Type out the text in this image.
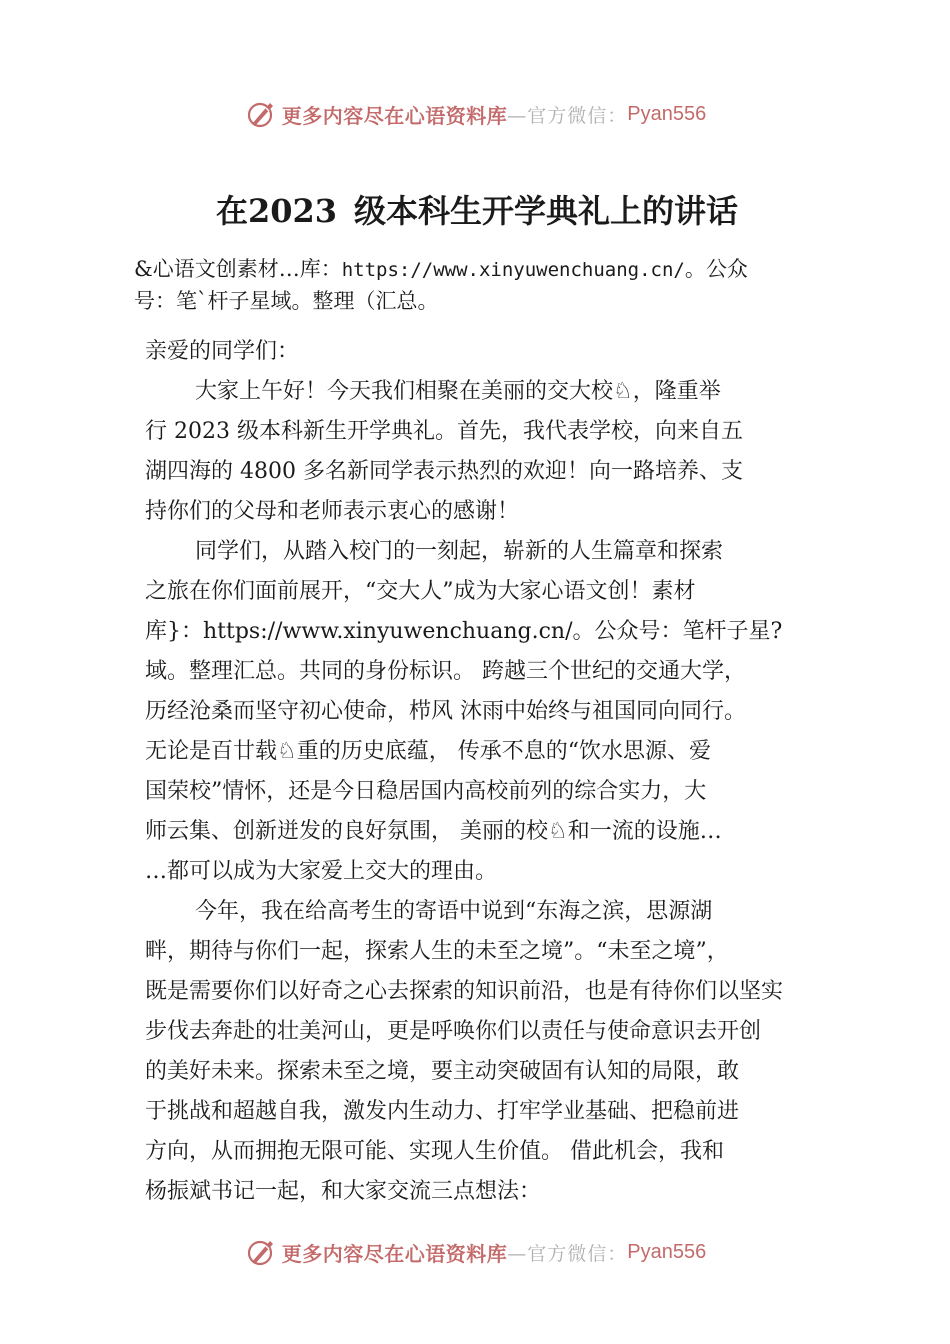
更多内容尽在心语资料库 —官方微信： Pyan556
在2023 级本科生开学典礼上的讲话
&心语文创素材…库：https://www.xinyuwenchuang.cn/。公众
号：笔`杆子星域。整理（汇总。
亲爱的同学们：
大家上午好！今天我们相聚在美丽的交大校♘，隆重举
行 2023 级本科新生开学典礼。首先，我代表学校，向来自五
湖四海的 4800 多名新同学表示热烈的欢迎！向一路培养、支
持你们的父母和老师表示衷心的感谢！
同学们，从踏入校门的一刻起，崭新的人生篇章和探索
之旅在你们面前展开，“交大人”成为大家心语文创！素材
库}：https://www.xinyuwenchuang.cn/。公众号：笔杆子星?
域。整理汇总。共同的身份标识。 跨越三个世纪的交通大学，
历经沧桑而坚守初心使命，栉风 沐雨中始终与祖国同向同行。
无论是百廿载♘重的历史底蕴， 传承不息的“饮水思源、爱
国荣校”情怀，还是今日稳居国内高校前列的综合实力，大
师云集、创新迸发的良好氛围， 美丽的校♘和一流的设施…
…都可以成为大家爱上交大的理由。
今年，我在给高考生的寄语中说到“东海之滨，思源湖
畔，期待与你们一起，探索人生的未至之境”。“未至之境”，
既是需要你们以好奇之心去探索的知识前沿，也是有待你们以坚实
步伐去奔赴的壮美河山，更是呼唤你们以责任与使命意识去开创
的美好未来。探索未至之境，要主动突破固有认知的局限，敢
于挑战和超越自我，激发内生动力、打牢学业基础、把稳前进
方向，从而拥抱无限可能、实现人生价值。 借此机会，我和
杨振斌书记一起，和大家交流三点想法：
更多内容尽在心语资料库 —官方微信： Pyan556
